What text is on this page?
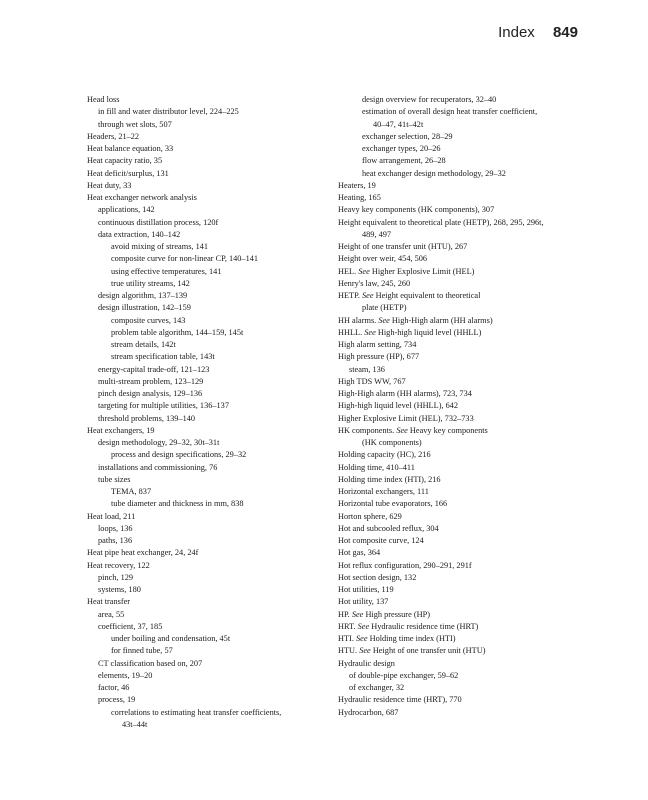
Index 849
Head loss
in fill and water distributor level, 224–225
through wet slots, 507
Headers, 21–22
Heat balance equation, 33
Heat capacity ratio, 35
Heat deficit/surplus, 131
Heat duty, 33
Heat exchanger network analysis
applications, 142
continuous distillation process, 120f
data extraction, 140–142
avoid mixing of streams, 141
composite curve for non-linear CP, 140–141
using effective temperatures, 141
true utility streams, 142
design algorithm, 137–139
design illustration, 142–159
composite curves, 143
problem table algorithm, 144–159, 145t
stream details, 142t
stream specification table, 143t
energy-capital trade-off, 121–123
multi-stream problem, 123–129
pinch design analysis, 129–136
targeting for multiple utilities, 136–137
threshold problems, 139–140
Heat exchangers, 19
design methodology, 29–32, 30t–31t
process and design specifications, 29–32
installations and commissioning, 76
tube sizes
TEMA, 837
tube diameter and thickness in mm, 838
Heat load, 211
loops, 136
paths, 136
Heat pipe heat exchanger, 24, 24f
Heat recovery, 122
pinch, 129
systems, 180
Heat transfer
area, 55
coefficient, 37, 185
under boiling and condensation, 45t
for finned tube, 57
CT classification based on, 207
elements, 19–20
factor, 46
process, 19
correlations to estimating heat transfer coefficients,
43t–44t
design overview for recuperators, 32–40
estimation of overall design heat transfer coefficient,
40–47, 41t–42t
exchanger selection, 28–29
exchanger types, 20–26
flow arrangement, 26–28
heat exchanger design methodology, 29–32
Heaters, 19
Heating, 165
Heavy key components (HK components), 307
Height equivalent to theoretical plate (HETP), 268, 295, 296t,
489, 497
Height of one transfer unit (HTU), 267
Height over weir, 454, 506
HEL. See Higher Explosive Limit (HEL)
Henry's law, 245, 260
HETP. See Height equivalent to theoretical
plate (HETP)
HH alarms. See High-High alarm (HH alarms)
HHLL. See High-high liquid level (HHLL)
High alarm setting, 734
High pressure (HP), 677
steam, 136
High TDS WW, 767
High-High alarm (HH alarms), 723, 734
High-high liquid level (HHLL), 642
Higher Explosive Limit (HEL), 732–733
HK components. See Heavy key components
(HK components)
Holding capacity (HC), 216
Holding time, 410–411
Holding time index (HTI), 216
Horizontal exchangers, 111
Horizontal tube evaporators, 166
Horton sphere, 629
Hot and subcooled reflux, 304
Hot composite curve, 124
Hot gas, 364
Hot reflux configuration, 290–291, 291f
Hot section design, 132
Hot utilities, 119
Hot utility, 137
HP. See High pressure (HP)
HRT. See Hydraulic residence time (HRT)
HTI. See Holding time index (HTI)
HTU. See Height of one transfer unit (HTU)
Hydraulic design
of double-pipe exchanger, 59–62
of exchanger, 32
Hydraulic residence time (HRT), 770
Hydrocarbon, 687
